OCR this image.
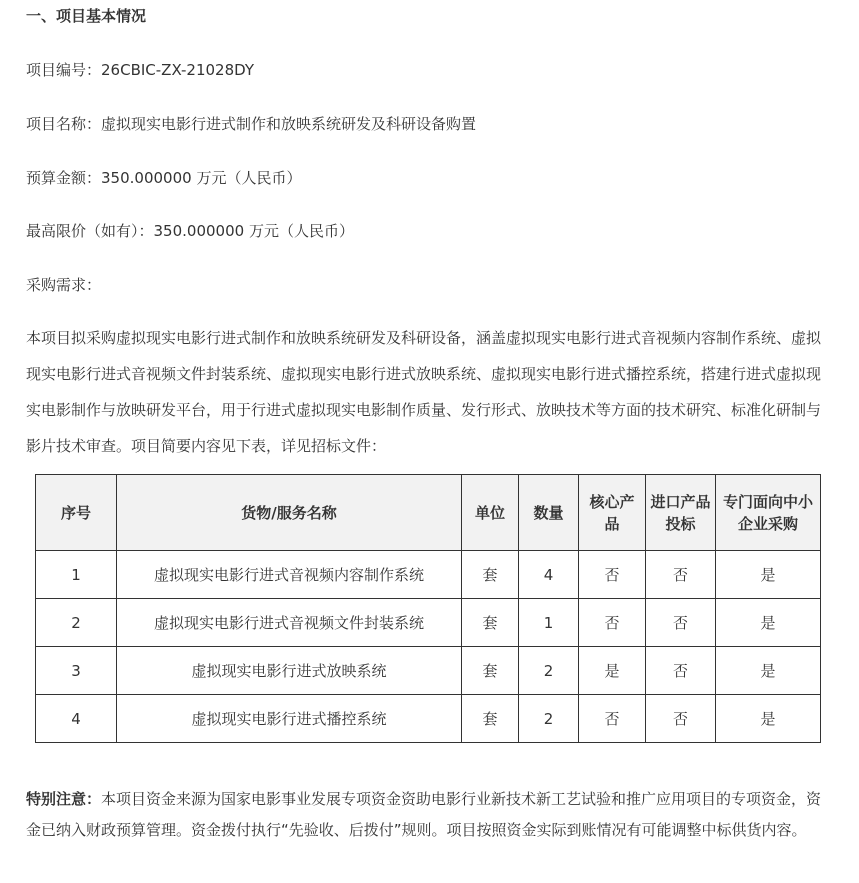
一、项目基本情况
项目编号：26CBIC-ZX-21028DY
项目名称：虚拟现实电影行进式制作和放映系统研发及科研设备购置
预算金额：350.000000 万元（人民币）
最高限价（如有）：350.000000 万元（人民币）
采购需求：

本项目拟采购虚拟现实电影行进式制作和放映系统研发及科研设备，涵盖虚拟现实电影行进式音视频内容制作系统、虚拟现实电影行进式音视频文件封装系统、虚拟现实电影行进式放映系统、虚拟现实电影行进式播控系统，搭建行进式虚拟现实电影制作与放映研发平台，用于行进式虚拟现实电影制作质量、发行形式、放映技术等方面的技术研究、标准化研制与影片技术审查。项目简要内容见下表，详见招标文件：

序号	货物/服务名称	单位	数量	核心产品	进口产品投标	专门面向中小企业采购
1	虚拟现实电影行进式音视频内容制作系统	套	4	否	否	是
2	虚拟现实电影行进式音视频文件封装系统	套	1	否	否	是
3	虚拟现实电影行进式放映系统	套	2	是	否	是
4	虚拟现实电影行进式播控系统	套	2	否	否	是

特别注意：本项目资金来源为国家电影事业发展专项资金资助电影行业新技术新工艺试验和推广应用项目的专项资金，资金已纳入财政预算管理。资金拨付执行“先验收、后拨付”规则。项目按照资金实际到账情况有可能调整中标供货内容。
